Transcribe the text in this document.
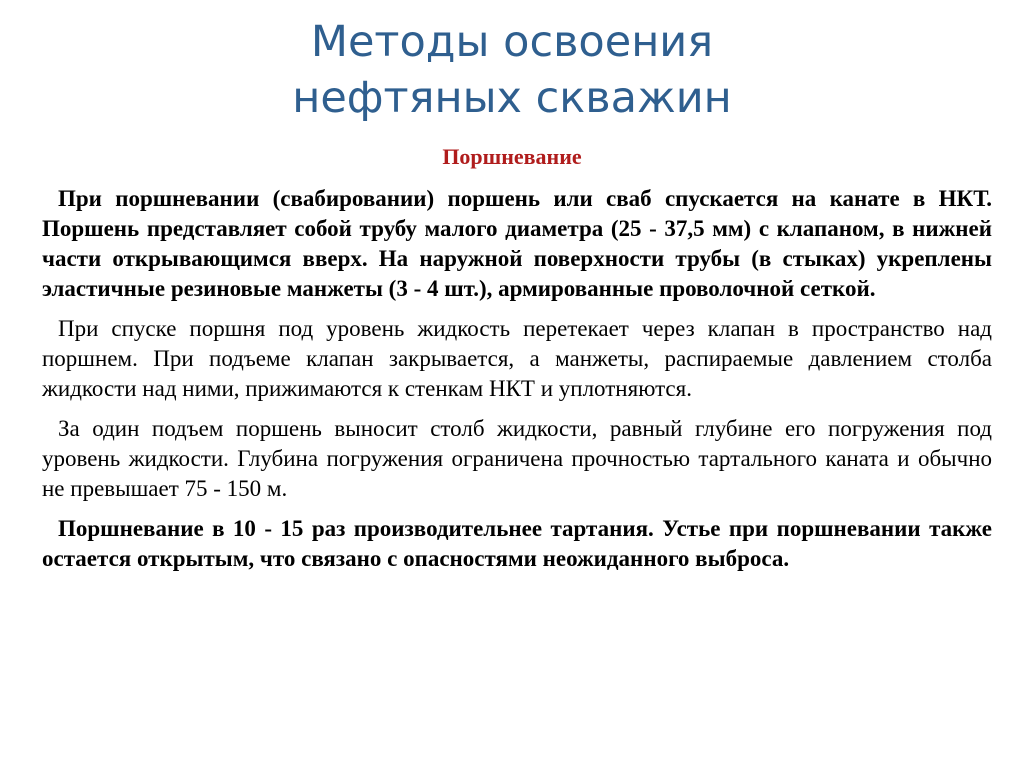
Методы освоения
нефтяных скважин
Поршневание

При поршневании (свабировании) поршень или сваб спускается на канате в НКТ. Поршень представляет собой трубу малого диаметра (25 - 37,5 мм) с клапаном, в нижней части открывающимся вверх. На наружной поверхности трубы (в стыках) укреплены эластичные резиновые манжеты (3 - 4 шт.), армированные проволочной сеткой.

При спуске поршня под уровень жидкость перетекает через клапан в пространство над поршнем. При подъеме клапан закрывается, а манжеты, распираемые давлением столба жидкости над ними, прижимаются к стенкам НКТ и уплотняются.

За один подъем поршень выносит столб жидкости, равный глубине его погружения под уровень жидкости. Глубина погружения ограничена прочностью тартального каната и обычно не превышает 75 - 150 м.

Поршневание в 10 - 15 раз производительнее тартания. Устье при поршневании также остается открытым, что связано с опасностями неожиданного выброса.
